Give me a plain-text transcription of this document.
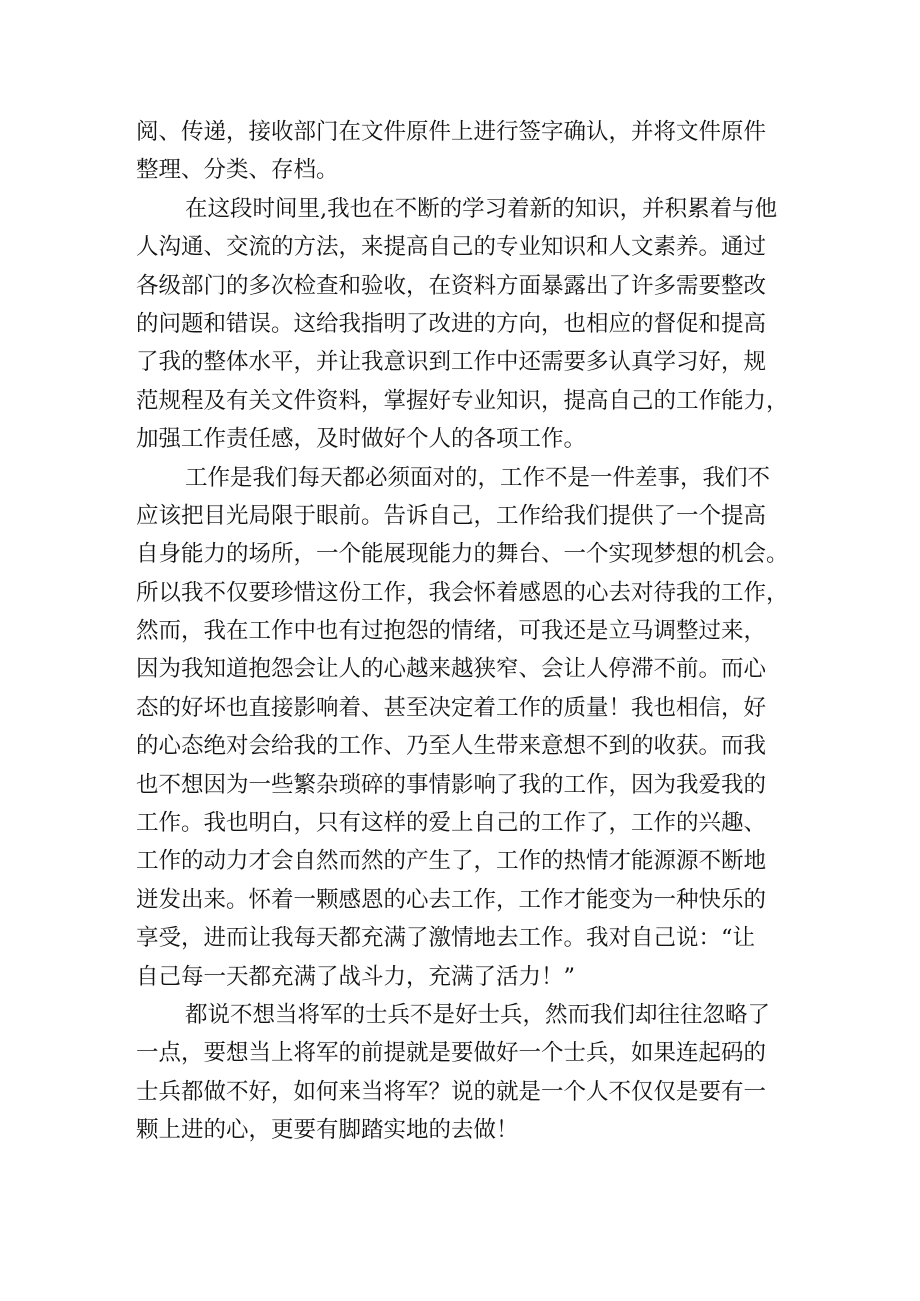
阅、传递，接收部门在文件原件上进行签字确认，并将文件原件
整理、分类、存档。
在这段时间里,我也在不断的学习着新的知识，并积累着与他
人沟通、交流的方法，来提高自己的专业知识和人文素养。通过
各级部门的多次检查和验收，在资料方面暴露出了许多需要整改
的问题和错误。这给我指明了改进的方向，也相应的督促和提高
了我的整体水平，并让我意识到工作中还需要多认真学习好，规
范规程及有关文件资料，掌握好专业知识，提高自己的工作能力，
加强工作责任感，及时做好个人的各项工作。
工作是我们每天都必须面对的，工作不是一件差事，我们不
应该把目光局限于眼前。告诉自己，工作给我们提供了一个提高
自身能力的场所，一个能展现能力的舞台、一个实现梦想的机会。
所以我不仅要珍惜这份工作，我会怀着感恩的心去对待我的工作，
然而，我在工作中也有过抱怨的情绪，可我还是立马调整过来，
因为我知道抱怨会让人的心越来越狭窄、会让人停滞不前。而心
态的好坏也直接影响着、甚至决定着工作的质量！我也相信，好
的心态绝对会给我的工作、乃至人生带来意想不到的收获。而我
也不想因为一些繁杂琐碎的事情影响了我的工作，因为我爱我的
工作。我也明白，只有这样的爱上自己的工作了，工作的兴趣、
工作的动力才会自然而然的产生了，工作的热情才能源源不断地
迸发出来。怀着一颗感恩的心去工作，工作才能变为一种快乐的
享受，进而让我每天都充满了激情地去工作。我对自己说：“让
自己每一天都充满了战斗力，充满了活力！”
都说不想当将军的士兵不是好士兵，然而我们却往往忽略了
一点，要想当上将军的前提就是要做好一个士兵，如果连起码的
士兵都做不好，如何来当将军？说的就是一个人不仅仅是要有一
颗上进的心，更要有脚踏实地的去做！
